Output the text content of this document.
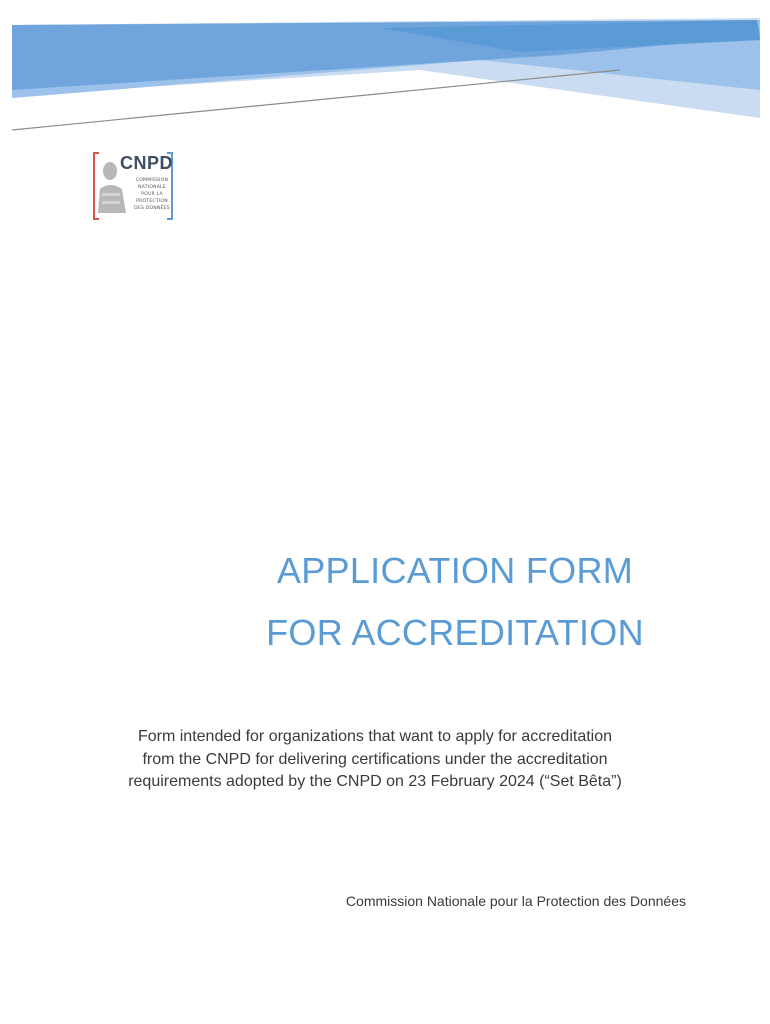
CNPD
COMMISSION
NATIONALE
POUR LA
PROTECTION
DES DONNÉES
APPLICATION FORM
FOR ACCREDITATION
Form intended for organizations that want to apply for accreditation
from the CNPD for delivering certifications under the accreditation
requirements adopted by the CNPD on 23 February 2024 (“Set Bêta”)
Commission Nationale pour la Protection des Données
